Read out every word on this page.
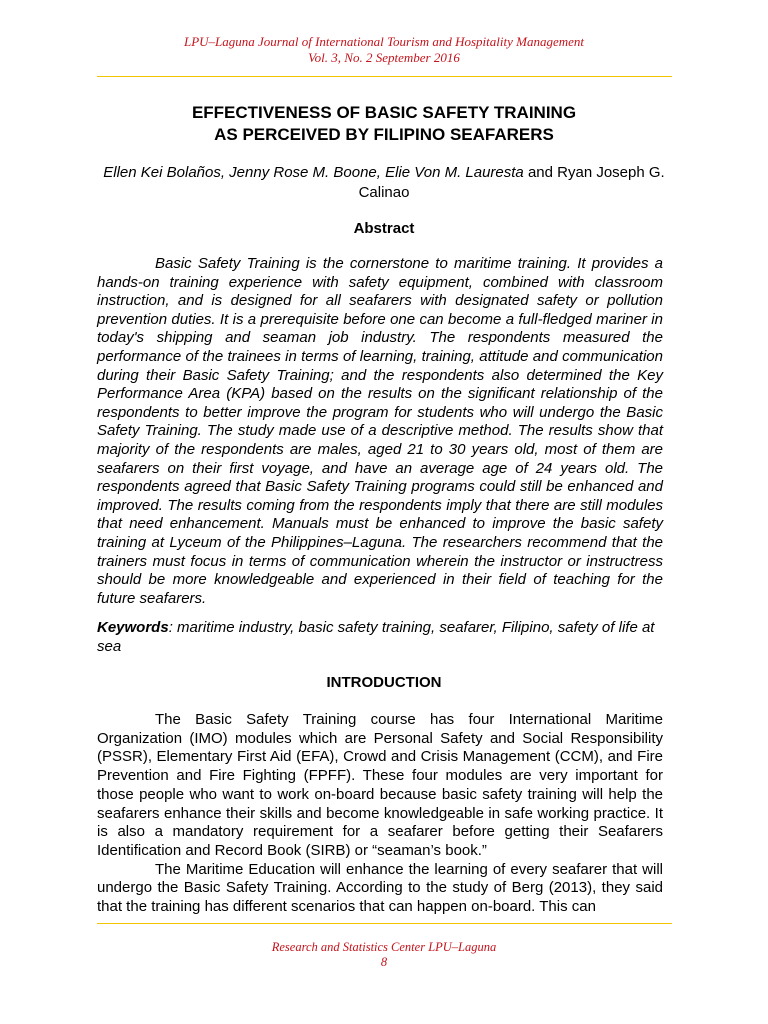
LPU–Laguna Journal of International Tourism and Hospitality Management
Vol. 3, No. 2 September 2016
EFFECTIVENESS OF BASIC SAFETY TRAINING
AS PERCEIVED BY FILIPINO SEAFARERS
Ellen Kei Bolaños, Jenny Rose M. Boone, Elie Von M. Lauresta and Ryan Joseph G. Calinao
Abstract

Basic Safety Training is the cornerstone to maritime training. It provides a hands-on training experience with safety equipment, combined with classroom instruction, and is designed for all seafarers with designated safety or pollution prevention duties. It is a prerequisite before one can become a full-fledged mariner in today's shipping and seaman job industry. The respondents measured the performance of the trainees in terms of learning, training, attitude and communication during their Basic Safety Training; and the respondents also determined the Key Performance Area (KPA) based on the results on the significant relationship of the respondents to better improve the program for students who will undergo the Basic Safety Training. The study made use of a descriptive method. The results show that majority of the respondents are males, aged 21 to 30 years old, most of them are seafarers on their first voyage, and have an average age of 24 years old. The respondents agreed that Basic Safety Training programs could still be enhanced and improved. The results coming from the respondents imply that there are still modules that need enhancement. Manuals must be enhanced to improve the basic safety training at Lyceum of the Philippines–Laguna. The researchers recommend that the trainers must focus in terms of communication wherein the instructor or instructress should be more knowledgeable and experienced in their field of teaching for the future seafarers.

Keywords: maritime industry, basic safety training, seafarer, Filipino, safety of life at sea

INTRODUCTION

The Basic Safety Training course has four International Maritime Organization (IMO) modules which are Personal Safety and Social Responsibility (PSSR), Elementary First Aid (EFA), Crowd and Crisis Management (CCM), and Fire Prevention and Fire Fighting (FPFF). These four modules are very important for those people who want to work on-board because basic safety training will help the seafarers enhance their skills and become knowledgeable in safe working practice. It is also a mandatory requirement for a seafarer before getting their Seafarers Identification and Record Book (SIRB) or “seaman’s book.”

The Maritime Education will enhance the learning of every seafarer that will undergo the Basic Safety Training. According to the study of Berg (2013), they said that the training has different scenarios that can happen on-board. This can

Research and Statistics Center LPU–Laguna
8
